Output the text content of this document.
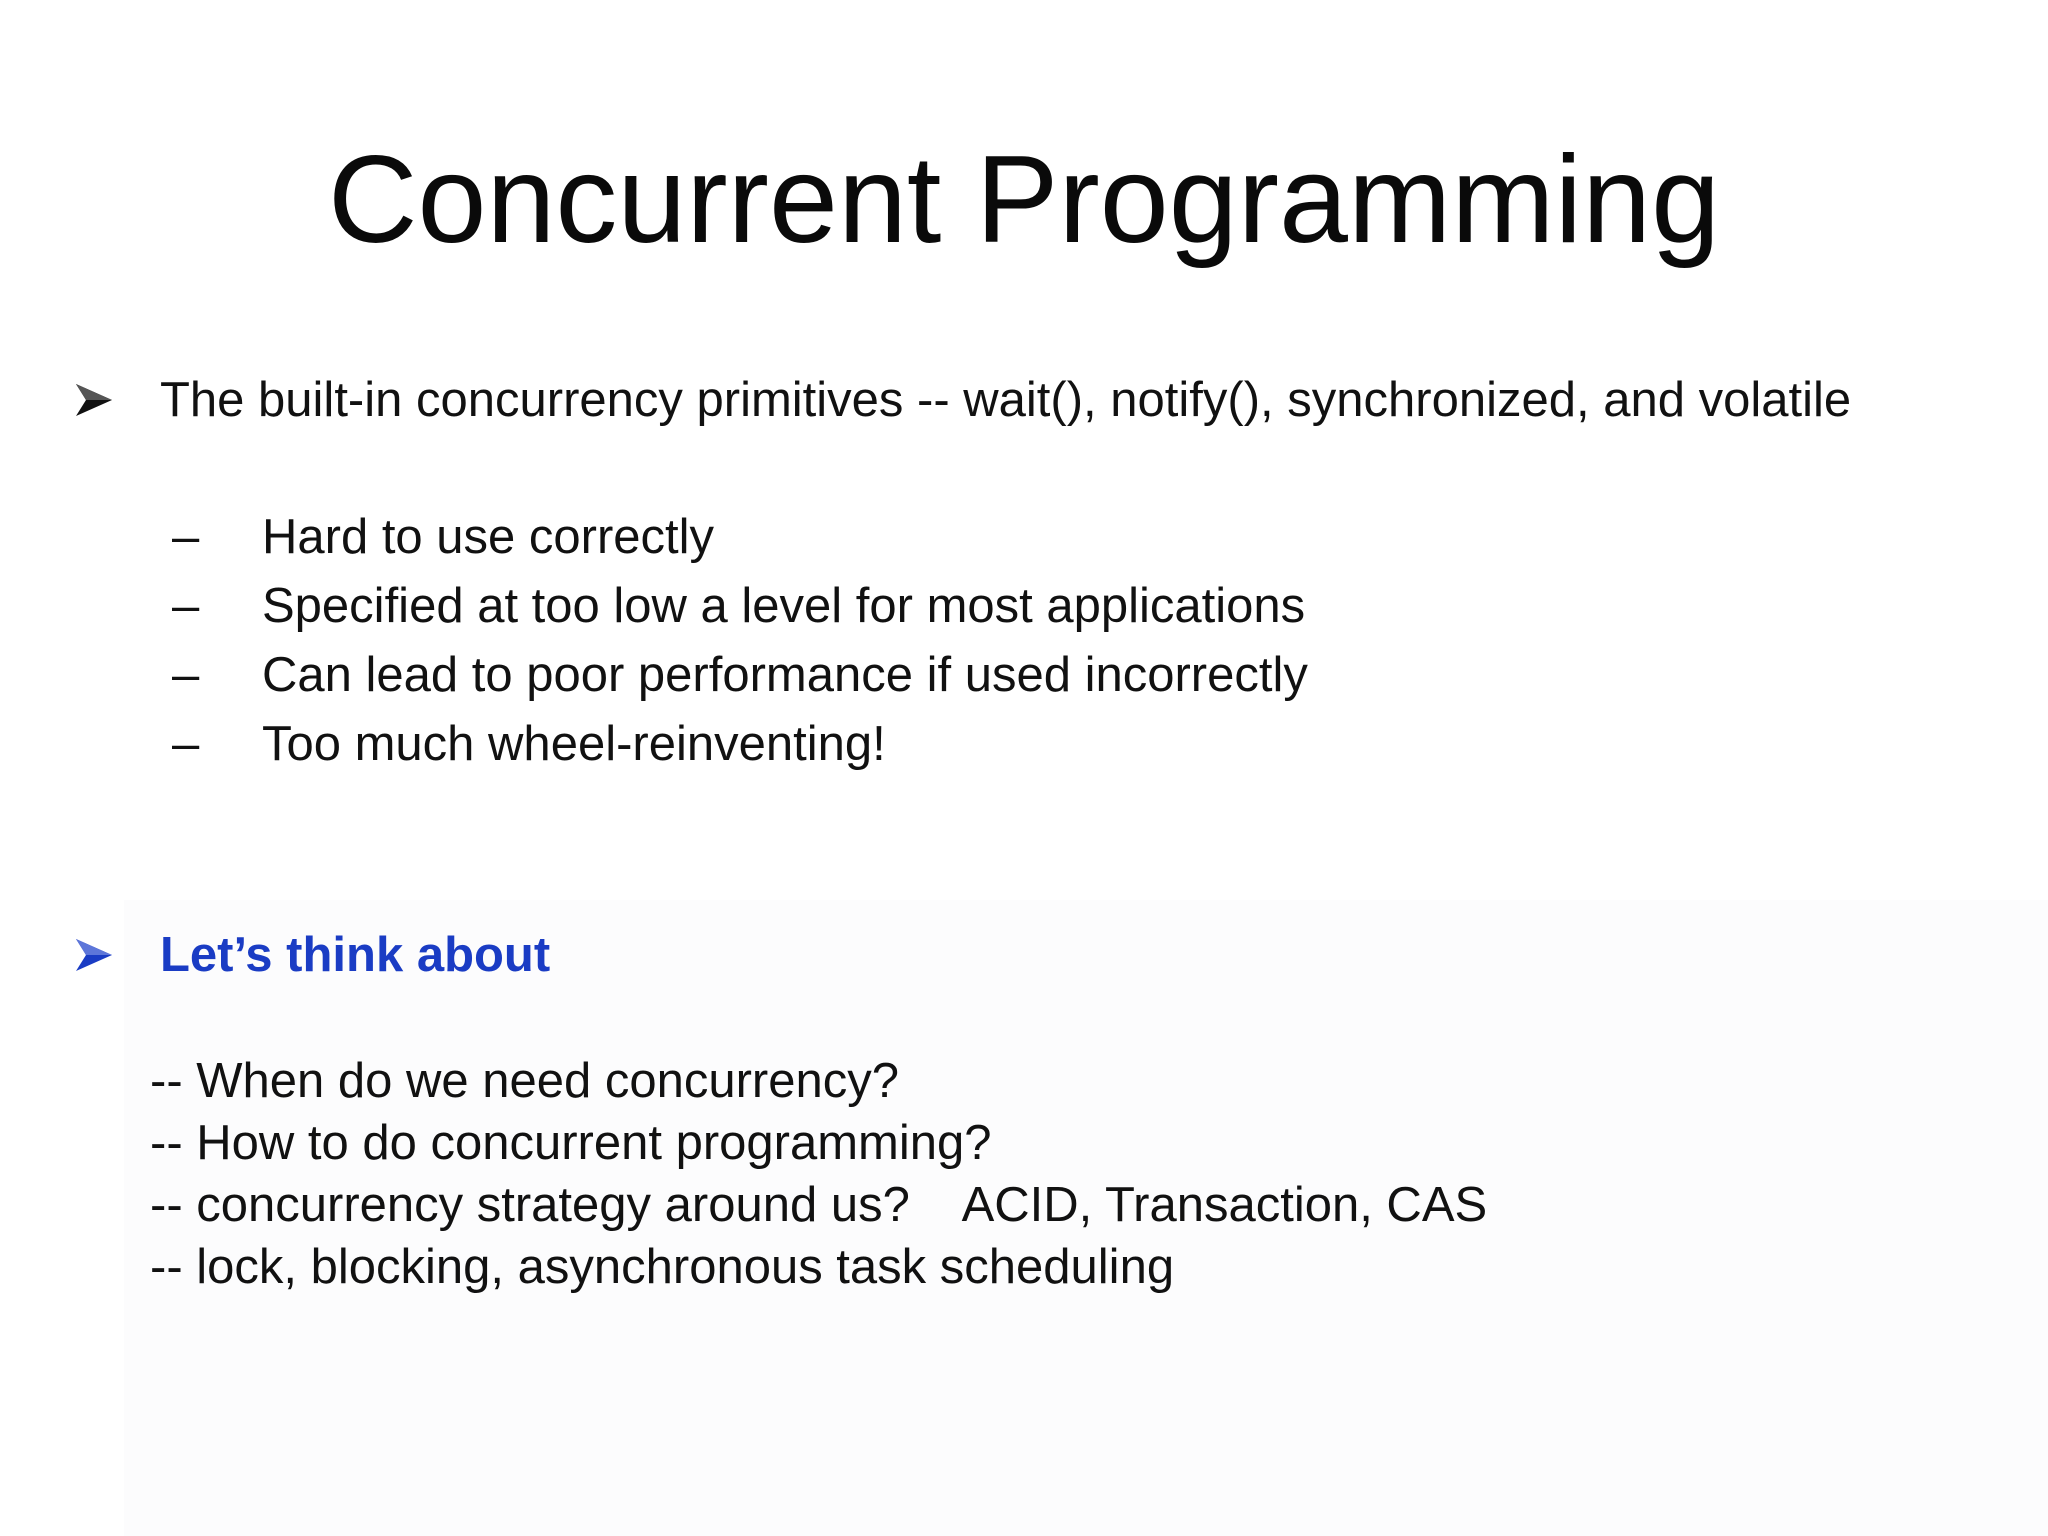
Concurrent Programming
The built-in concurrency primitives -- wait(), notify(), synchronized, and volatile
–	Hard to use correctly
–	Specified at too low a level for most applications
–	Can lead to poor performance if used incorrectly
–	Too much wheel-reinventing!
Let’s think about
-- When do we need concurrency?
-- How to do concurrent programming?
-- concurrency strategy around us?    ACID, Transaction, CAS
-- lock, blocking, asynchronous task scheduling
